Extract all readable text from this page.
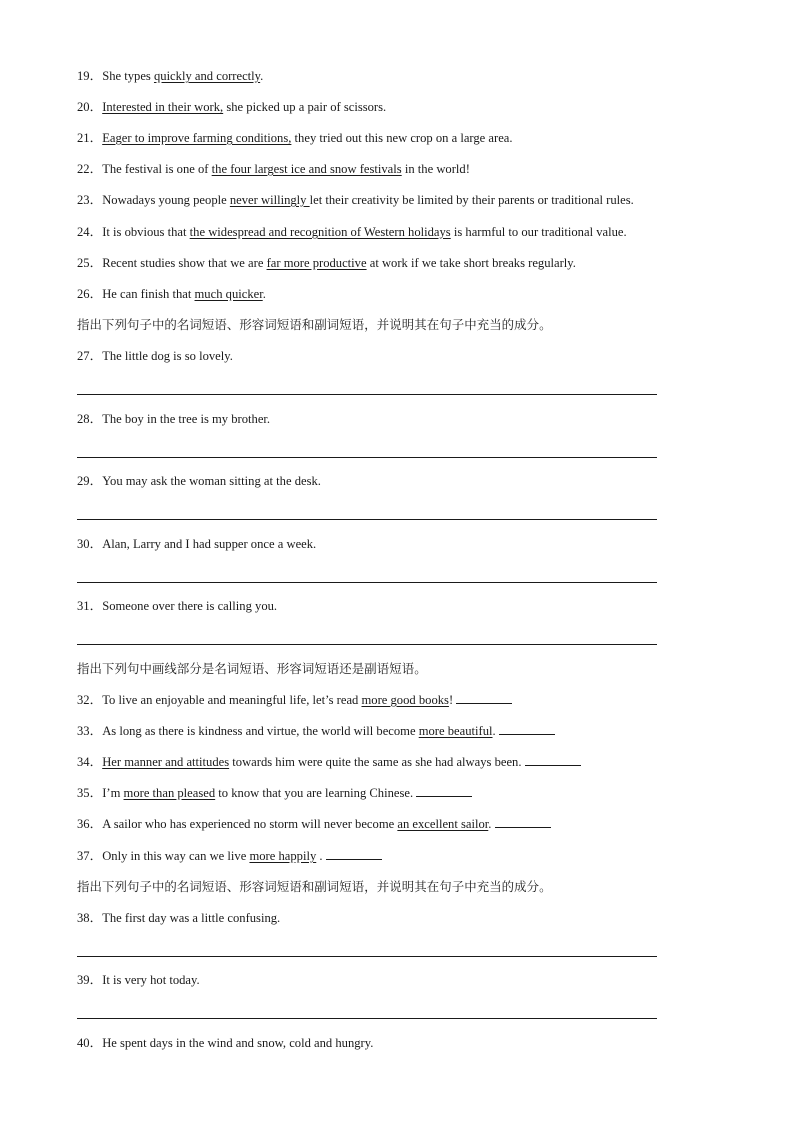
19．She types quickly and correctly.
20．Interested in their work, she picked up a pair of scissors.
21．Eager to improve farming conditions, they tried out this new crop on a large area.
22．The festival is one of the four largest ice and snow festivals in the world!
23．Nowadays young people never willingly let their creativity be limited by their parents or traditional rules.
24．It is obvious that the widespread and recognition of Western holidays is harmful to our traditional value.
25．Recent studies show that we are far more productive at work if we take short breaks regularly.
26．He can finish that much quicker.
指出下列句子中的名词短语、形容词短语和副词短语，并说明其在句子中充当的成分。
27．The little dog is so lovely.
28．The boy in the tree is my brother.
29．You may ask the woman sitting at the desk.
30．Alan, Larry and I had supper once a week.
31．Someone over there is calling you.
指出下列句中画线部分是名词短语、形容词短语还是副语短语。
32．To live an enjoyable and meaningful life, let’s read more good books!
33．As long as there is kindness and virtue, the world will become more beautiful.
34．Her manner and attitudes towards him were quite the same as she had always been.
35．I’m more than pleased to know that you are learning Chinese.
36．A sailor who has experienced no storm will never become an excellent sailor.
37．Only in this way can we live more happily .
指出下列句子中的名词短语、形容词短语和副词短语，并说明其在句子中充当的成分。
38．The first day was a little confusing.
39．It is very hot today.
40．He spent days in the wind and snow, cold and hungry.
